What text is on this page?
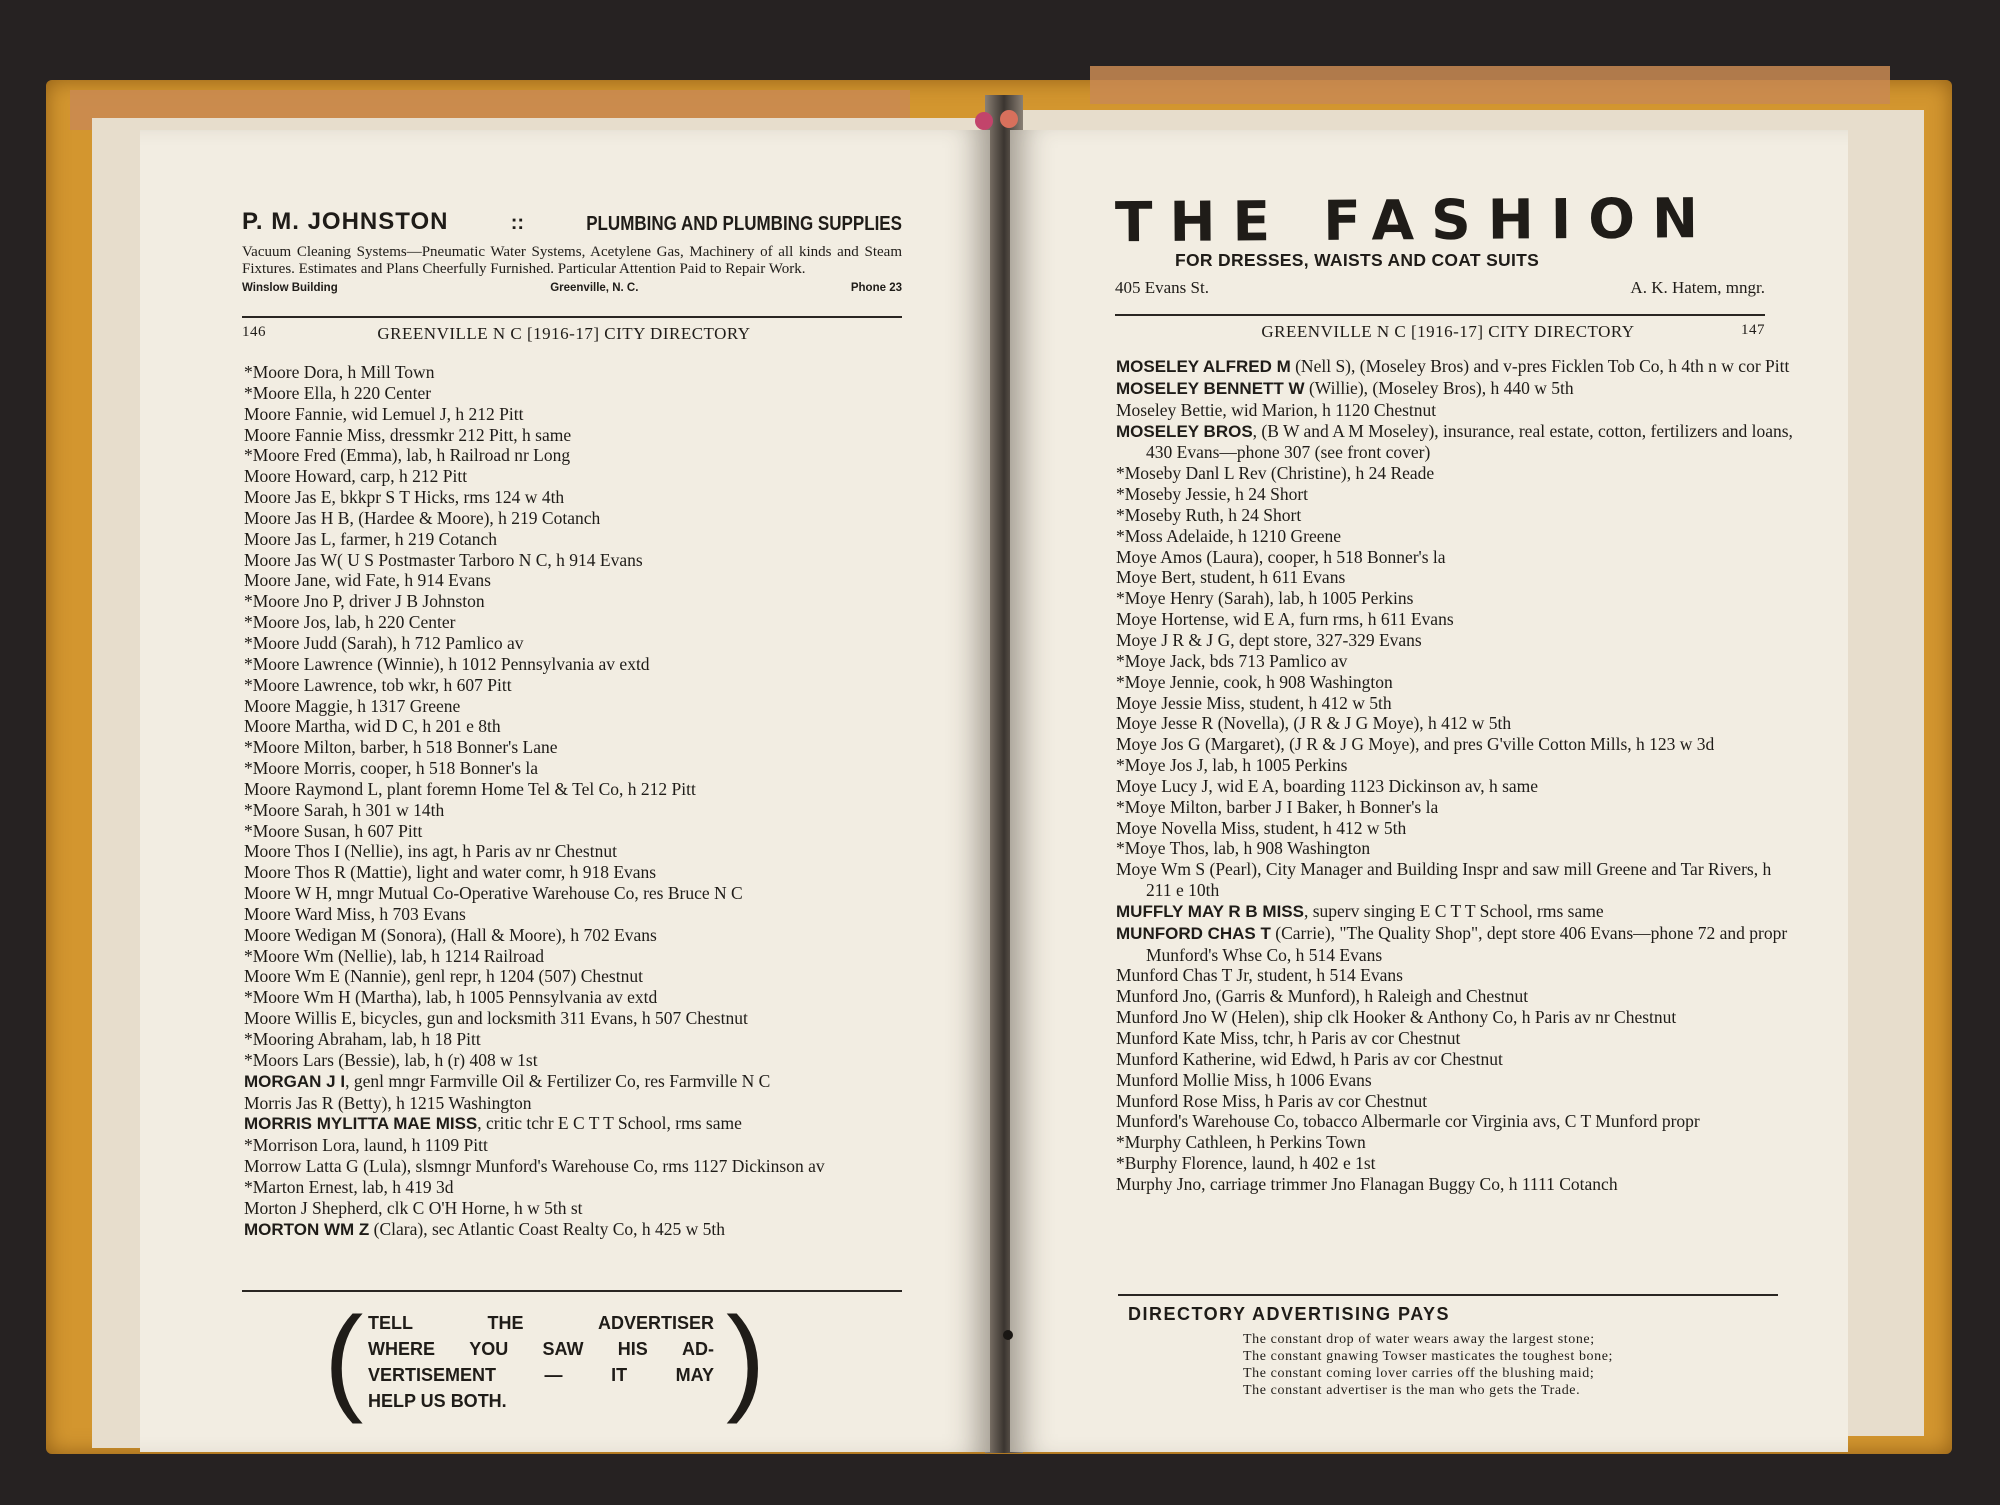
P. M. JOHNSTON	::	PLUMBING AND PLUMBING SUPPLIES
Vacuum Cleaning Systems—Pneumatic Water Systems, Acetylene Gas, Machinery of all kinds and Steam Fixtures. Estimates and Plans Cheerfully Furnished. Particular Attention Paid to Repair Work.
Winslow Building	Greenville, N. C.	Phone 23
146	GREENVILLE N C [1916-17] CITY DIRECTORY
*Moore Dora, h Mill Town
*Moore Ella, h 220 Center
Moore Fannie, wid Lemuel J, h 212 Pitt
Moore Fannie Miss, dressmkr 212 Pitt, h same
*Moore Fred (Emma), lab, h Railroad nr Long
Moore Howard, carp, h 212 Pitt
Moore Jas E, bkkpr S T Hicks, rms 124 w 4th
Moore Jas H B, (Hardee & Moore), h 219 Cotanch
Moore Jas L, farmer, h 219 Cotanch
Moore Jas W( U S Postmaster Tarboro N C, h 914 Evans
Moore Jane, wid Fate, h 914 Evans
*Moore Jno P, driver J B Johnston
*Moore Jos, lab, h 220 Center
*Moore Judd (Sarah), h 712 Pamlico av
*Moore Lawrence (Winnie), h 1012 Pennsylvania av extd
*Moore Lawrence, tob wkr, h 607 Pitt
Moore Maggie, h 1317 Greene
Moore Martha, wid D C, h 201 e 8th
*Moore Milton, barber, h 518 Bonner's Lane
*Moore Morris, cooper, h 518 Bonner's la
Moore Raymond L, plant foremn Home Tel & Tel Co, h 212 Pitt
*Moore Sarah, h 301 w 14th
*Moore Susan, h 607 Pitt
Moore Thos I (Nellie), ins agt, h Paris av nr Chestnut
Moore Thos R (Mattie), light and water comr, h 918 Evans
Moore W H, mngr Mutual Co-Operative Warehouse Co, res Bruce N C
Moore Ward Miss, h 703 Evans
Moore Wedigan M (Sonora), (Hall & Moore), h 702 Evans
*Moore Wm (Nellie), lab, h 1214 Railroad
Moore Wm E (Nannie), genl repr, h 1204 (507) Chestnut
*Moore Wm H (Martha), lab, h 1005 Pennsylvania av extd
Moore Willis E, bicycles, gun and locksmith 311 Evans, h 507 Chestnut
*Mooring Abraham, lab, h 18 Pitt
*Moors Lars (Bessie), lab, h (r) 408 w 1st
MORGAN J I, genl mngr Farmville Oil & Fertilizer Co, res Farmville N C
Morris Jas R (Betty), h 1215 Washington
MORRIS MYLITTA MAE MISS, critic tchr E C T T School, rms same
*Morrison Lora, laund, h 1109 Pitt
Morrow Latta G (Lula), slsmngr Munford's Warehouse Co, rms 1127 Dickinson av
*Marton Ernest, lab, h 419 3d
Morton J Shepherd, clk C O'H Horne, h w 5th st
MORTON WM Z (Clara), sec Atlantic Coast Realty Co, h 425 w 5th
( TELL	THE	ADVERTISER
WHERE YOU SAW HIS AD-
VERTISEMENT	—	IT	MAY
HELP US BOTH. )
THE FASHION
FOR DRESSES, WAISTS AND COAT SUITS
405 Evans St.	A. K. Hatem, mngr.
GREENVILLE N C [1916-17] CITY DIRECTORY	147
MOSELEY ALFRED M (Nell S), (Moseley Bros) and v-pres Ficklen Tob Co, h 4th n w cor Pitt
MOSELEY BENNETT W (Willie), (Moseley Bros), h 440 w 5th
Moseley Bettie, wid Marion, h 1120 Chestnut
MOSELEY BROS, (B W and A M Moseley), insurance, real estate, cotton, fertilizers and loans, 430 Evans—phone 307 (see front cover)
*Moseby Danl L Rev (Christine), h 24 Reade
*Moseby Jessie, h 24 Short
*Moseby Ruth, h 24 Short
*Moss Adelaide, h 1210 Greene
Moye Amos (Laura), cooper, h 518 Bonner's la
Moye Bert, student, h 611 Evans
*Moye Henry (Sarah), lab, h 1005 Perkins
Moye Hortense, wid E A, furn rms, h 611 Evans
Moye J R & J G, dept store, 327-329 Evans
*Moye Jack, bds 713 Pamlico av
*Moye Jennie, cook, h 908 Washington
Moye Jessie Miss, student, h 412 w 5th
Moye Jesse R (Novella), (J R & J G Moye), h 412 w 5th
Moye Jos G (Margaret), (J R & J G Moye), and pres G'ville Cotton Mills, h 123 w 3d
*Moye Jos J, lab, h 1005 Perkins
Moye Lucy J, wid E A, boarding 1123 Dickinson av, h same
*Moye Milton, barber J I Baker, h Bonner's la
Moye Novella Miss, student, h 412 w 5th
*Moye Thos, lab, h 908 Washington
Moye Wm S (Pearl), City Manager and Building Inspr and saw mill Greene and Tar Rivers, h 211 e 10th
MUFFLY MAY R B MISS, superv singing E C T T School, rms same
MUNFORD CHAS T (Carrie), "The Quality Shop", dept store 406 Evans—phone 72 and propr Munford's Whse Co, h 514 Evans
Munford Chas T Jr, student, h 514 Evans
Munford Jno, (Garris & Munford), h Raleigh and Chestnut
Munford Jno W (Helen), ship clk Hooker & Anthony Co, h Paris av nr Chestnut
Munford Kate Miss, tchr, h Paris av cor Chestnut
Munford Katherine, wid Edwd, h Paris av cor Chestnut
Munford Mollie Miss, h 1006 Evans
Munford Rose Miss, h Paris av cor Chestnut
Munford's Warehouse Co, tobacco Albermarle cor Virginia avs, C T Munford propr
*Murphy Cathleen, h Perkins Town
*Burphy Florence, laund, h 402 e 1st
Murphy Jno, carriage trimmer Jno Flanagan Buggy Co, h 1111 Cotanch
DIRECTORY ADVERTISING PAYS
The constant drop of water wears away the largest stone;
The constant gnawing Towser masticates the toughest bone;
The constant coming lover carries off the blushing maid;
The constant advertiser is the man who gets the Trade.
